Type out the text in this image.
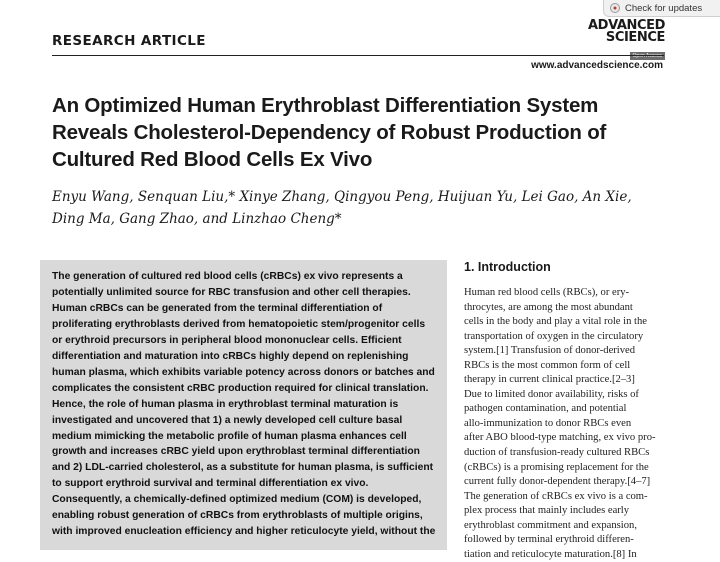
● Check for updates
RESEARCH ARTICLE
ADVANCED
SCIENCE
Open Access
www.advancedscience.com
An Optimized Human Erythroblast Differentiation System Reveals Cholesterol-Dependency of Robust Production of Cultured Red Blood Cells Ex Vivo
Enyu Wang, Senquan Liu,* Xinye Zhang, Qingyou Peng, Huijuan Yu, Lei Gao, An Xie, Ding Ma, Gang Zhao, and Linzhao Cheng*
The generation of cultured red blood cells (cRBCs) ex vivo represents a
potentially unlimited source for RBC transfusion and other cell therapies.
Human cRBCs can be generated from the terminal differentiation of
proliferating erythroblasts derived from hematopoietic stem/progenitor cells
or erythroid precursors in peripheral blood mononuclear cells. Efficient
differentiation and maturation into cRBCs highly depend on replenishing
human plasma, which exhibits variable potency across donors or batches and
complicates the consistent cRBC production required for clinical translation.
Hence, the role of human plasma in erythroblast terminal maturation is
investigated and uncovered that 1) a newly developed cell culture basal
medium mimicking the metabolic profile of human plasma enhances cell
growth and increases cRBC yield upon erythroblast terminal differentiation
and 2) LDL-carried cholesterol, as a substitute for human plasma, is sufficient
to support erythroid survival and terminal differentiation ex vivo.
Consequently, a chemically-defined optimized medium (COM) is developed,
enabling robust generation of cRBCs from erythroblasts of multiple origins,
with improved enucleation efficiency and higher reticulocyte yield, without the
1. Introduction
Human red blood cells (RBCs), or ery-
throcytes, are among the most abundant
cells in the body and play a vital role in the
transportation of oxygen in the circulatory
system.[1] Transfusion of donor-derived
RBCs is the most common form of cell
therapy in current clinical practice.[2–3]
Due to limited donor availability, risks of
pathogen contamination, and potential
allo-immunization to donor RBCs even
after ABO blood-type matching, ex vivo pro-
duction of transfusion-ready cultured RBCs
(cRBCs) is a promising replacement for the
current fully donor-dependent therapy.[4–7]
The generation of cRBCs ex vivo is a com-
plex process that mainly includes early
erythroblast commitment and expansion,
followed by terminal erythroid differen-
tiation and reticulocyte maturation.[8] In
